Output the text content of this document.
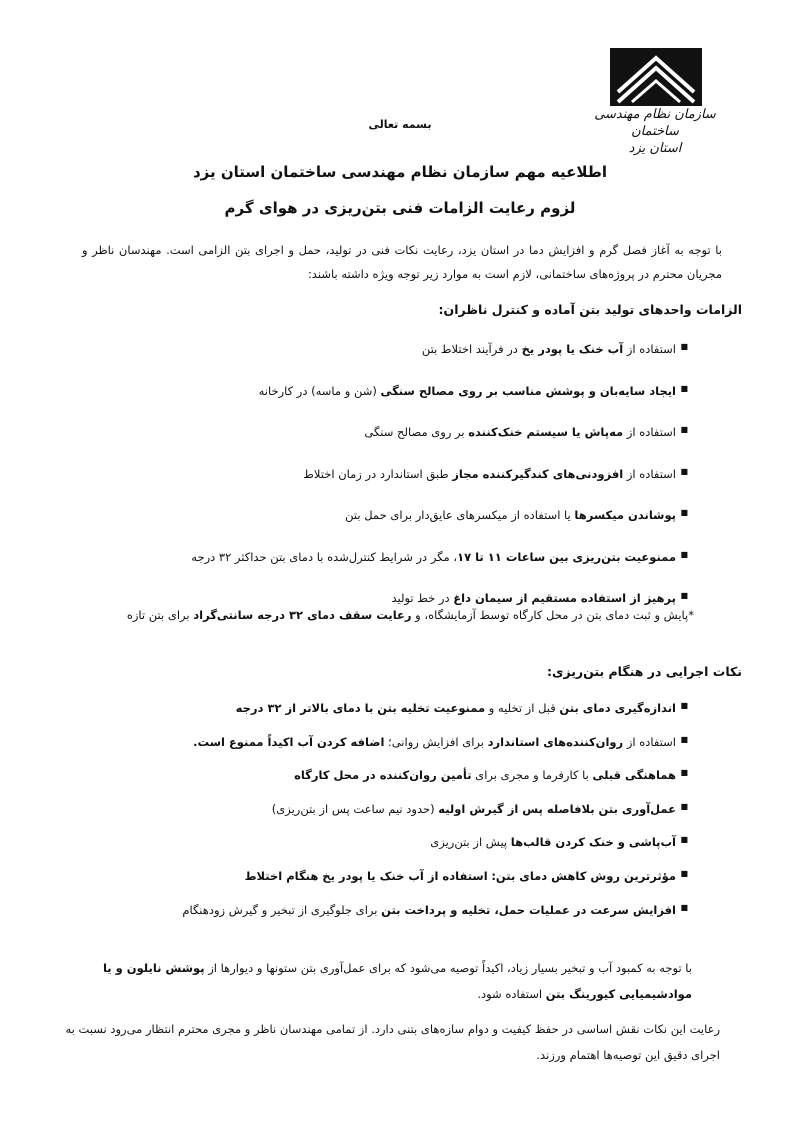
سازمان نظام مهندسی ساختمان
استان یزد
بسمه تعالی
اطلاعیه مهم سازمان نظام مهندسی ساختمان استان یزد
لزوم رعایت الزامات فنی بتن‌ریزی در هوای گرم
با توجه به آغاز فصل گرم و افزایش دما در استان یزد، رعایت نکات فنی در تولید، حمل و اجرای بتن الزامی است. مهندسان ناظر و مجریان محترم در پروژه‌های ساختمانی، لازم است به موارد زیر توجه ویژه داشته باشند:
الزامات واحدهای تولید بتن آماده و کنترل ناظران:
■ استفاده از آب خنک یا پودر یخ در فرآیند اختلاط بتن
■ ایجاد سایه‌بان و پوشش مناسب بر روی مصالح سنگی (شن و ماسه) در کارخانه
■ استفاده از مه‌پاش یا سیستم خنک‌کننده بر روی مصالح سنگی
■ استفاده از افزودنی‌های کندگیرکننده مجاز طبق استاندارد در زمان اختلاط
■ پوشاندن میکسرها یا استفاده از میکسرهای عایق‌دار برای حمل بتن
■ ممنوعیت بتن‌ریزی بین ساعات ۱۱ تا ۱۷، مگر در شرایط کنترل‌شده با دمای بتن حداکثر ۳۲ درجه
■ پرهیز از استفاده مستقیم از سیمان داغ در خط تولید
*پایش و ثبت دمای بتن در محل کارگاه توسط آزمایشگاه، و رعایت سقف دمای ۳۲ درجه سانتی‌گراد برای بتن تازه
نکات اجرایی در هنگام بتن‌ریزی:
■ اندازه‌گیری دمای بتن قبل از تخلیه و ممنوعیت تخلیه بتن با دمای بالاتر از ۳۲ درجه
■ استفاده از روان‌کننده‌های استاندارد برای افزایش روانی؛ اضافه کردن آب اکیداً ممنوع است.
■ هماهنگی قبلی با کارفرما و مجری برای تأمین روان‌کننده در محل کارگاه
■ عمل‌آوری بتن بلافاصله پس از گیرش اولیه (حدود نیم ساعت پس از بتن‌ریزی)
■ آب‌پاشی و خنک کردن قالب‌ها پیش از بتن‌ریزی
■ مؤثرترین روش کاهش دمای بتن: استفاده از آب خنک یا پودر یخ هنگام اختلاط
■ افزایش سرعت در عملیات حمل، تخلیه و پرداخت بتن برای جلوگیری از تبخیر و گیرش زودهنگام
با توجه به کمبود آب و تبخیر بسیار زیاد، اکیداً توصیه می‌شود که برای عمل‌آوری بتن ستونها و دیوارها از پوشش نایلون و یا موادشیمیایی کیورینگ بتن استفاده شود.
رعایت این نکات نقش اساسی در حفظ کیفیت و دوام سازه‌های بتنی دارد. از تمامی مهندسان ناظر و مجری محترم انتظار می‌رود نسبت به اجرای دقیق این توصیه‌ها اهتمام ورزند.
